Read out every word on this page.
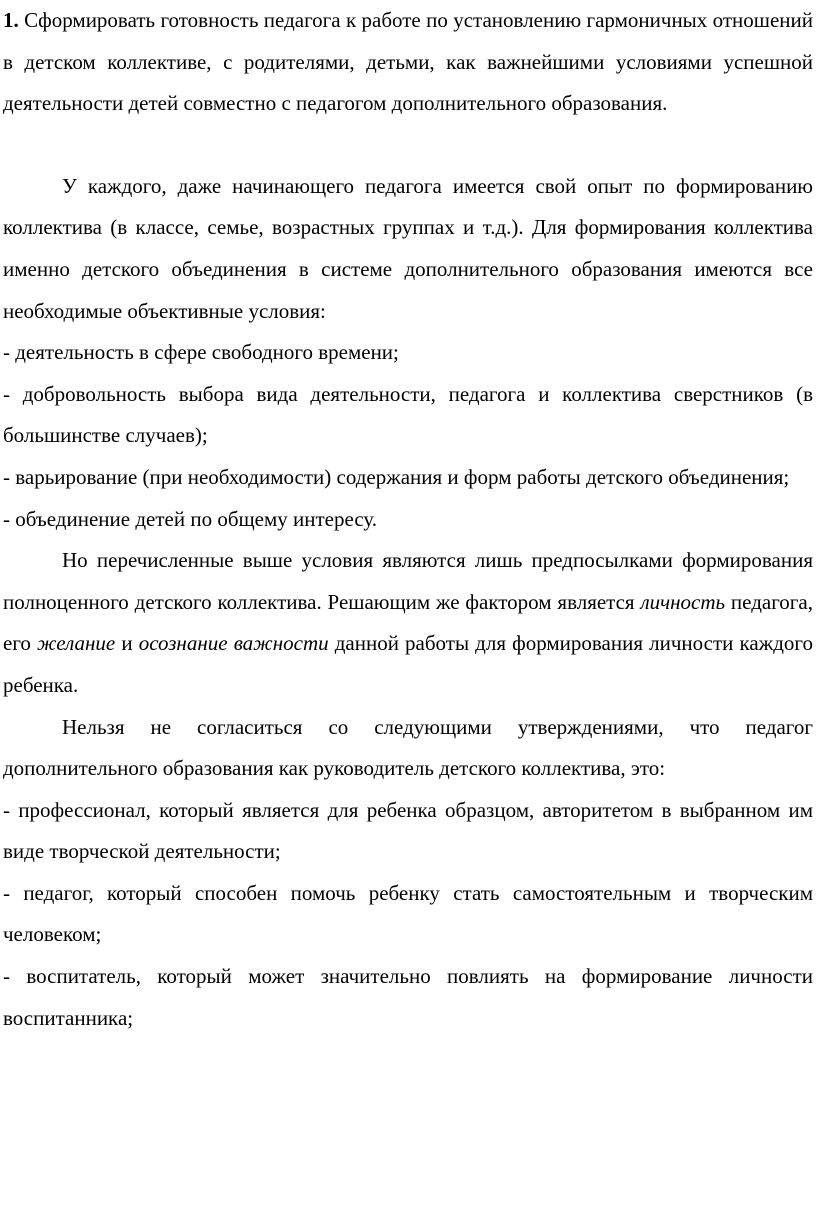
1. Сформировать готовность педагога к работе по установлению гармоничных отношений в детском коллективе, с родителями, детьми, как важнейшими условиями успешной деятельности детей совместно с педагогом дополнительного образования.

У каждого, даже начинающего педагога имеется свой опыт по формированию коллектива (в классе, семье, возрастных группах и т.д.). Для формирования коллектива именно детского объединения в системе дополнительного образования имеются все необходимые объективные условия:

- деятельность в сфере свободного времени;

- добровольность выбора вида деятельности, педагога и коллектива сверстников (в большинстве случаев);

- варьирование (при необходимости) содержания и форм работы детского объединения;

- объединение детей по общему интересу.

Но перечисленные выше условия являются лишь предпосылками формирования полноценного детского коллектива. Решающим же фактором является личность педагога, его желание и осознание важности данной работы для формирования личности каждого ребенка.

Нельзя не согласиться со следующими утверждениями, что педагог дополнительного образования как руководитель детского коллектива, это:

- профессионал, который является для ребенка образцом, авторитетом в выбранном им виде творческой деятельности;

- педагог, который способен помочь ребенку стать самостоятельным и творческим человеком;

- воспитатель, который может значительно повлиять на формирование личности воспитанника;
